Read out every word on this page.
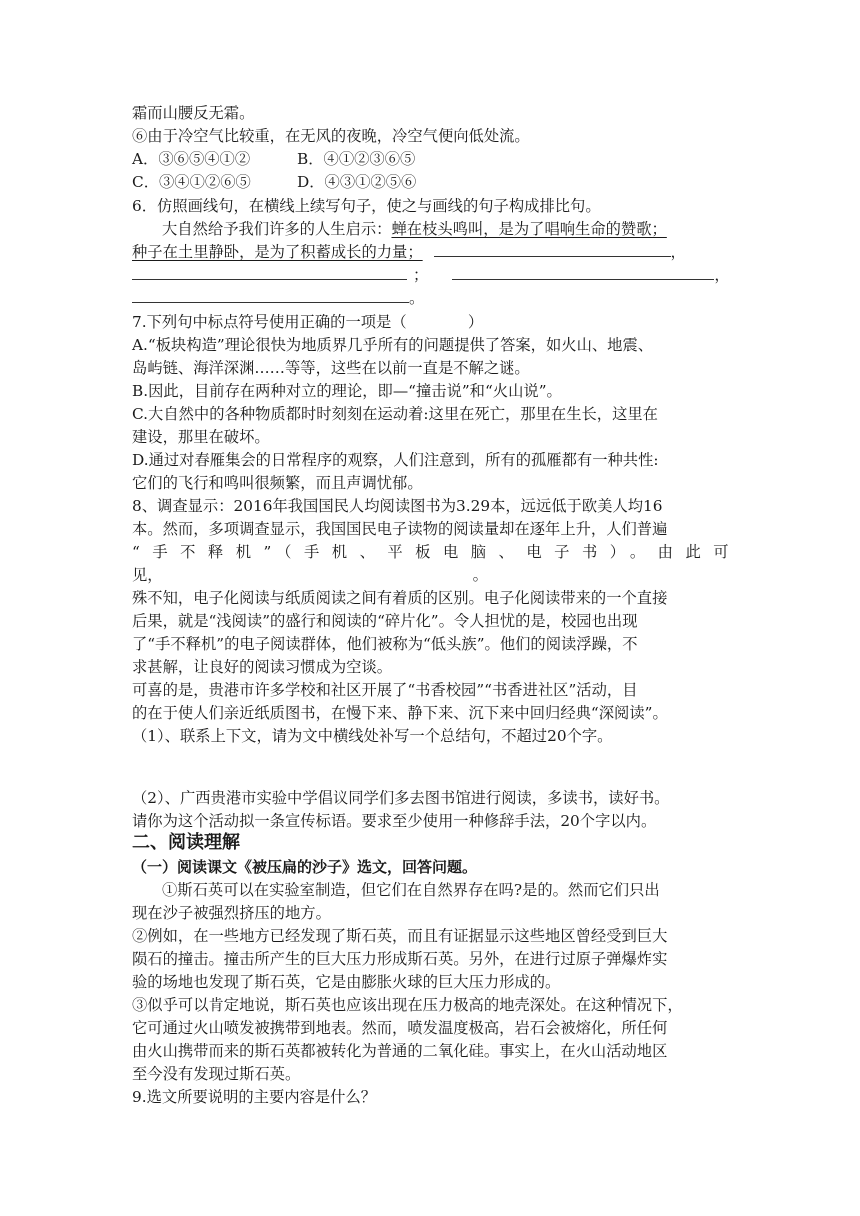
霜而山腰反无霜。
⑥由于冷空气比较重，在无风的夜晚，冷空气便向低处流。
A．③⑥⑤④①②	B．④①②③⑥⑤
C．③④①②⑥⑤	D．④③①②⑤⑥
6．仿照画线句，在横线上续写句子，使之与画线的句子构成排比句。
大自然给予我们许多的人生启示：蝉在枝头鸣叫，是为了唱响生命的赞歌；
种子在土里静卧，是为了积蓄成长的力量；	，
；	，
。
7.下列句中标点符号使用正确的一项是（　　　　）
A.“板块构造”理论很快为地质界几乎所有的问题提供了答案，如火山、地震、
岛屿链、海洋深渊……等等，这些在以前一直是不解之谜。
B.因此，目前存在两种对立的理论，即—“撞击说”和“火山说”。
C.大自然中的各种物质都时时刻刻在运动着:这里在死亡，那里在生长，这里在
建设，那里在破坏。
D.通过对春雁集会的日常程序的观察，人们注意到，所有的孤雁都有一种共性:
它们的飞行和鸣叫很频繁，而且声调忧郁。
8、调查显示：2016年我国国民人均阅读图书为3.29本，远远低于欧美人均16
本。然而，多项调查显示，我国国民电子读物的阅读量却在逐年上升，人们普遍
“手不释机”（手机、平板电脑、电子书）。由此可
见，	。
殊不知，电子化阅读与纸质阅读之间有着质的区别。电子化阅读带来的一个直接
后果，就是“浅阅读”的盛行和阅读的“碎片化”。令人担忧的是，校园也出现
了“手不释机”的电子阅读群体，他们被称为“低头族”。他们的阅读浮躁，不
求甚解，让良好的阅读习惯成为空谈。
可喜的是，贵港市许多学校和社区开展了“书香校园”“书香进社区”活动，目
的在于使人们亲近纸质图书，在慢下来、静下来、沉下来中回归经典“深阅读”。
（1）、联系上下文，请为文中横线处补写一个总结句，不超过20个字。
（2）、广西贵港市实验中学倡议同学们多去图书馆进行阅读，多读书，读好书。
请你为这个活动拟一条宣传标语。要求至少使用一种修辞手法，20个字以内。
二、阅读理解
（一）阅读课文《被压扁的沙子》选文，回答问题。
①斯石英可以在实验室制造，但它们在自然界存在吗?是的。然而它们只出
现在沙子被强烈挤压的地方。
②例如，在一些地方已经发现了斯石英，而且有证据显示这些地区曾经受到巨大
陨石的撞击。撞击所产生的巨大压力形成斯石英。另外，在进行过原子弹爆炸实
验的场地也发现了斯石英，它是由膨胀火球的巨大压力形成的。
③似乎可以肯定地说，斯石英也应该出现在压力极高的地壳深处。在这种情况下，
它可通过火山喷发被携带到地表。然而，喷发温度极高，岩石会被熔化，所任何
由火山携带而来的斯石英都被转化为普通的二氧化硅。事实上，在火山活动地区
至今没有发现过斯石英。
9.选文所要说明的主要内容是什么？
